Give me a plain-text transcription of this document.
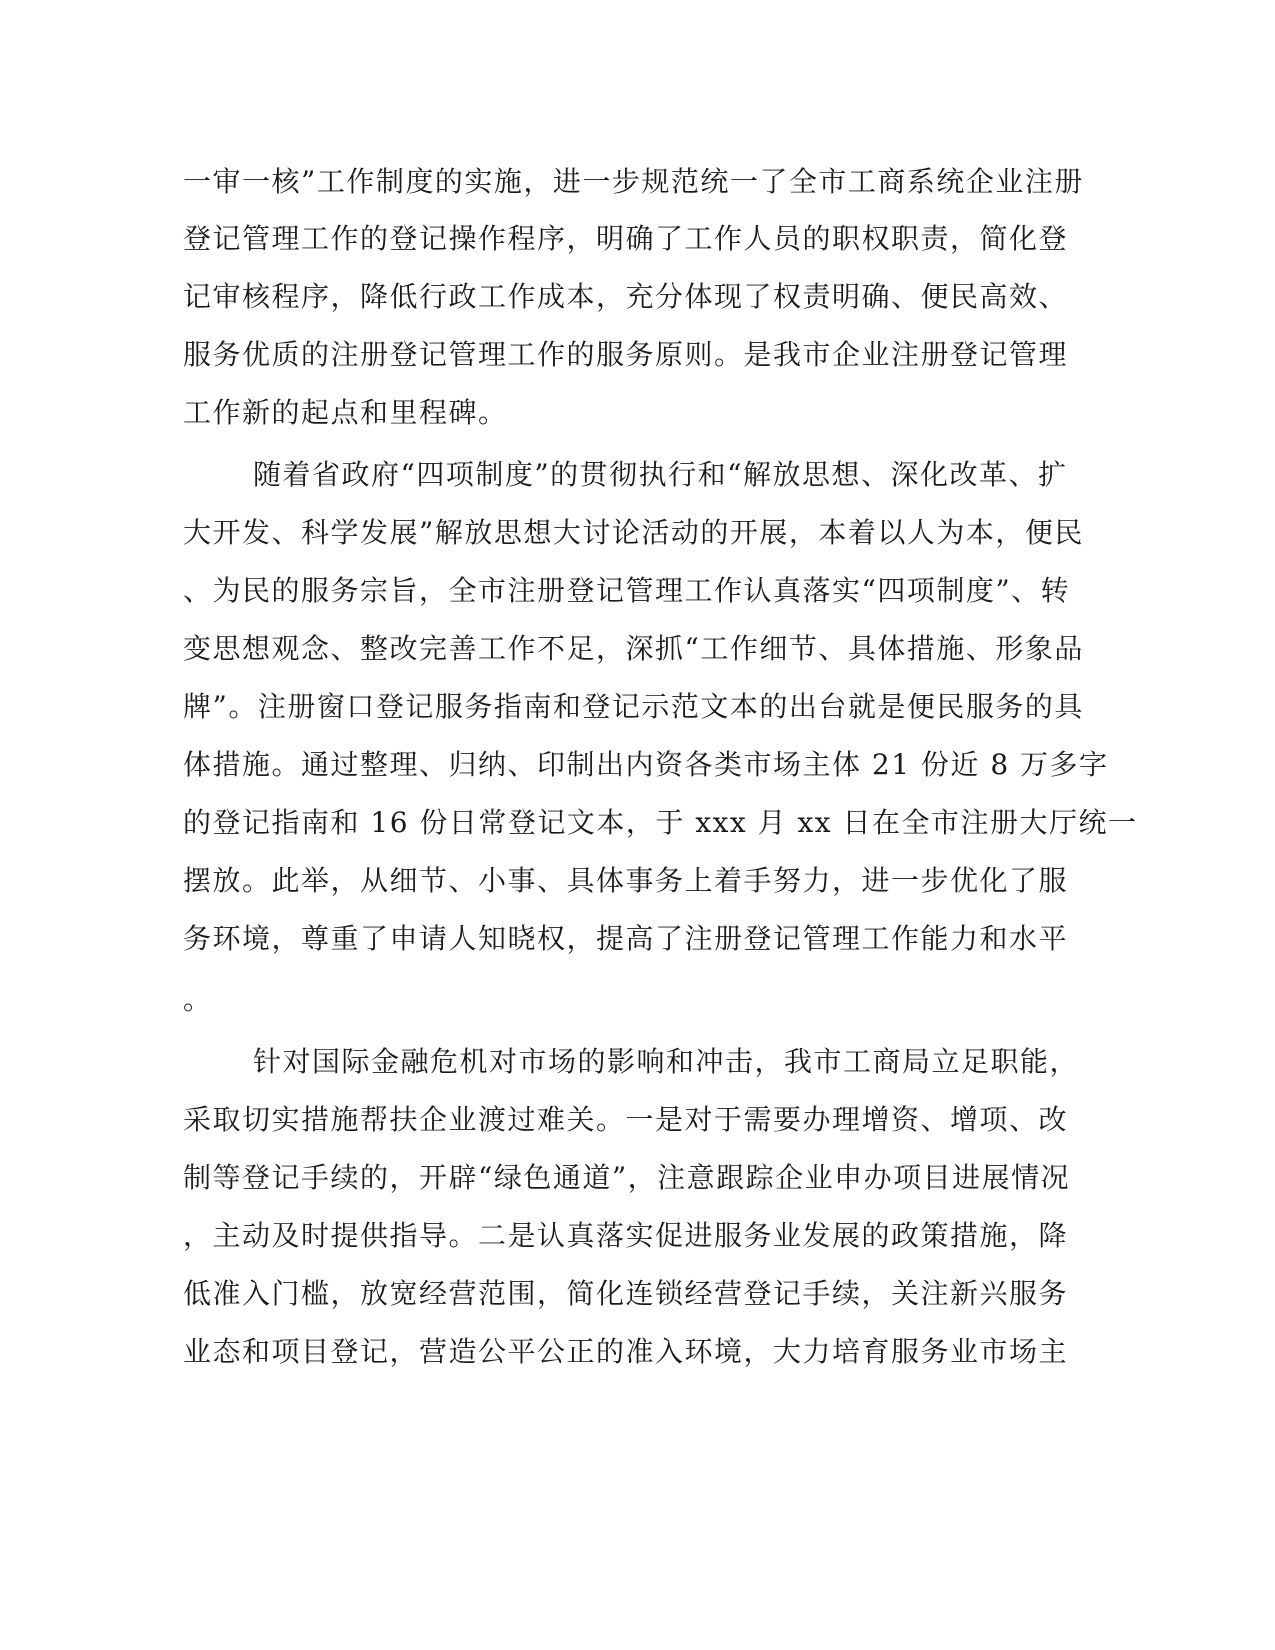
一审一核”工作制度的实施，进一步规范统一了全市工商系统企业注册
登记管理工作的登记操作程序，明确了工作人员的职权职责，简化登
记审核程序，降低行政工作成本，充分体现了权责明确、便民高效、
服务优质的注册登记管理工作的服务原则。是我市企业注册登记管理
工作新的起点和里程碑。
随着省政府“四项制度”的贯彻执行和“解放思想、深化改革、扩
大开发、科学发展”解放思想大讨论活动的开展，本着以人为本，便民
、为民的服务宗旨，全市注册登记管理工作认真落实“四项制度”、转
变思想观念、整改完善工作不足，深抓“工作细节、具体措施、形象品
牌”。注册窗口登记服务指南和登记示范文本的出台就是便民服务的具
体措施。通过整理、归纳、印制出内资各类市场主体 21 份近 8 万多字
的登记指南和 16 份日常登记文本，于 xxx 月 xx 日在全市注册大厅统一
摆放。此举，从细节、小事、具体事务上着手努力，进一步优化了服
务环境，尊重了申请人知晓权，提高了注册登记管理工作能力和水平
。
针对国际金融危机对市场的影响和冲击，我市工商局立足职能，
采取切实措施帮扶企业渡过难关。一是对于需要办理增资、增项、改
制等登记手续的，开辟“绿色通道”，注意跟踪企业申办项目进展情况
，主动及时提供指导。二是认真落实促进服务业发展的政策措施，降
低准入门槛，放宽经营范围，简化连锁经营登记手续，关注新兴服务
业态和项目登记，营造公平公正的准入环境，大力培育服务业市场主
